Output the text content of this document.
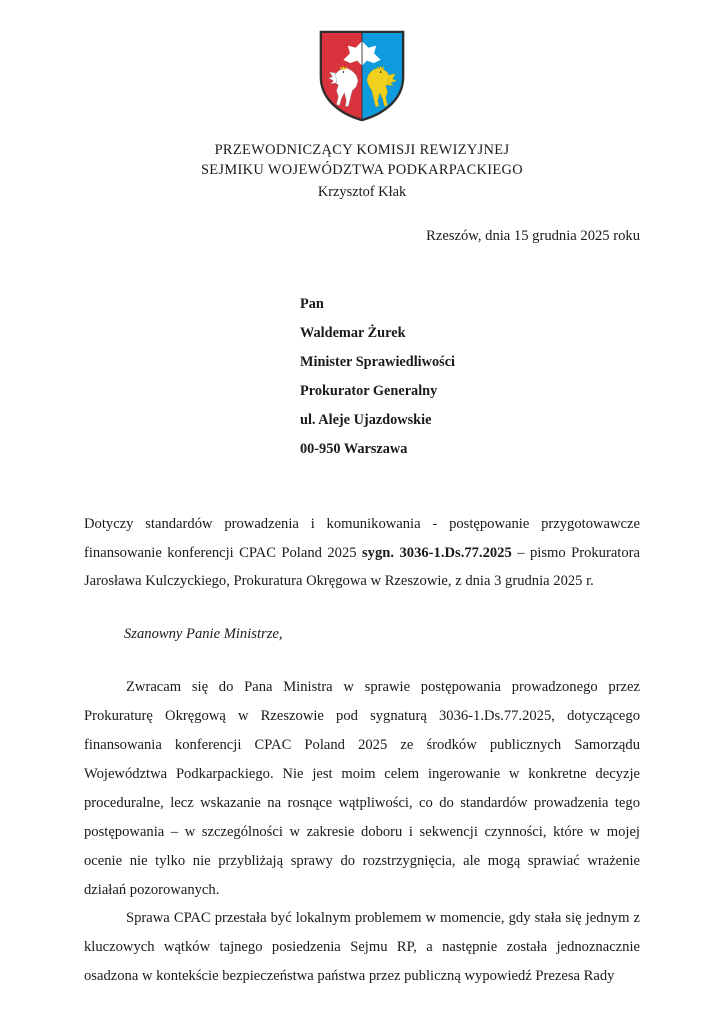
PRZEWODNICZĄCY KOMISJI REWIZYJNEJ
SEJMIKU WOJEWÓDZTWA PODKARPACKIEGO
Krzysztof Kłak
Rzeszów, dnia 15 grudnia 2025 roku
Pan
Waldemar Żurek
Minister Sprawiedliwości
Prokurator Generalny
ul. Aleje Ujazdowskie
00-950 Warszawa
Dotyczy standardów prowadzenia i komunikowania - postępowanie przygotowawcze finansowanie konferencji CPAC Poland 2025 sygn. 3036-1.Ds.77.2025 – pismo Prokuratora Jarosława Kulczyckiego, Prokuratura Okręgowa w Rzeszowie, z dnia 3 grudnia 2025 r.
Szanowny Panie Ministrze,

Zwracam się do Pana Ministra w sprawie postępowania prowadzonego przez Prokuraturę Okręgową w Rzeszowie pod sygnaturą 3036-1.Ds.77.2025, dotyczącego finansowania konferencji CPAC Poland 2025 ze środków publicznych Samorządu Województwa Podkarpackiego. Nie jest moim celem ingerowanie w konkretne decyzje proceduralne, lecz wskazanie na rosnące wątpliwości, co do standardów prowadzenia tego postępowania – w szczególności w zakresie doboru i sekwencji czynności, które w mojej ocenie nie tylko nie przybliżają sprawy do rozstrzygnięcia, ale mogą sprawiać wrażenie działań pozorowanych.

Sprawa CPAC przestała być lokalnym problemem w momencie, gdy stała się jednym z kluczowych wątków tajnego posiedzenia Sejmu RP, a następnie została jednoznacznie osadzona w kontekście bezpieczeństwa państwa przez publiczną wypowiedź Prezesa Rady
